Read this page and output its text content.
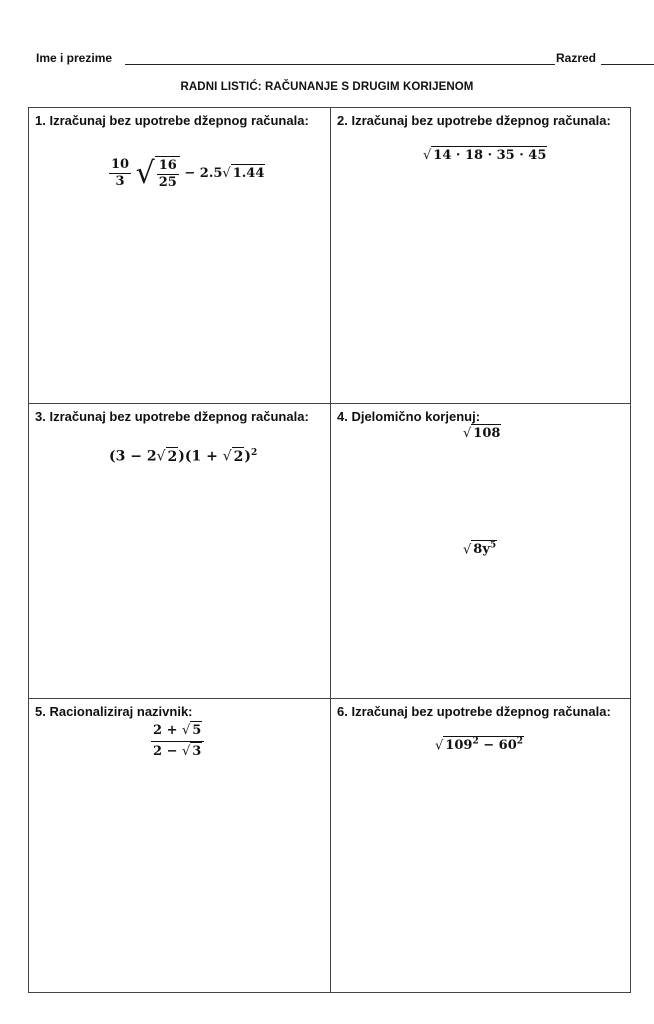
Ime i prezime	Razred
RADNI LISTIĆ: RAČUNANJE S DRUGIM KORIJENOM
1. Izračunaj bez upotrebe džepnog računala:
$\frac{10}{3}$ √ $\frac{16}{25} - 2.5√$ 1.44
2. Izračunaj bez upotrebe džepnog računala:
√ 14 · 18 · 35 · 45
3. Izračunaj bez upotrebe džepnog računala:
(3 − 2√ 2)(1 + √ 2)$^2$
4. Djelomično korjenuj:
√ 108
√ $8y^5$
5. Racionaliziraj nazivnik:
$\frac{2 + √ 5}{2 - √ 3}$
6. Izračunaj bez upotrebe džepnog računala:
√ $109^2 - 60^2$
